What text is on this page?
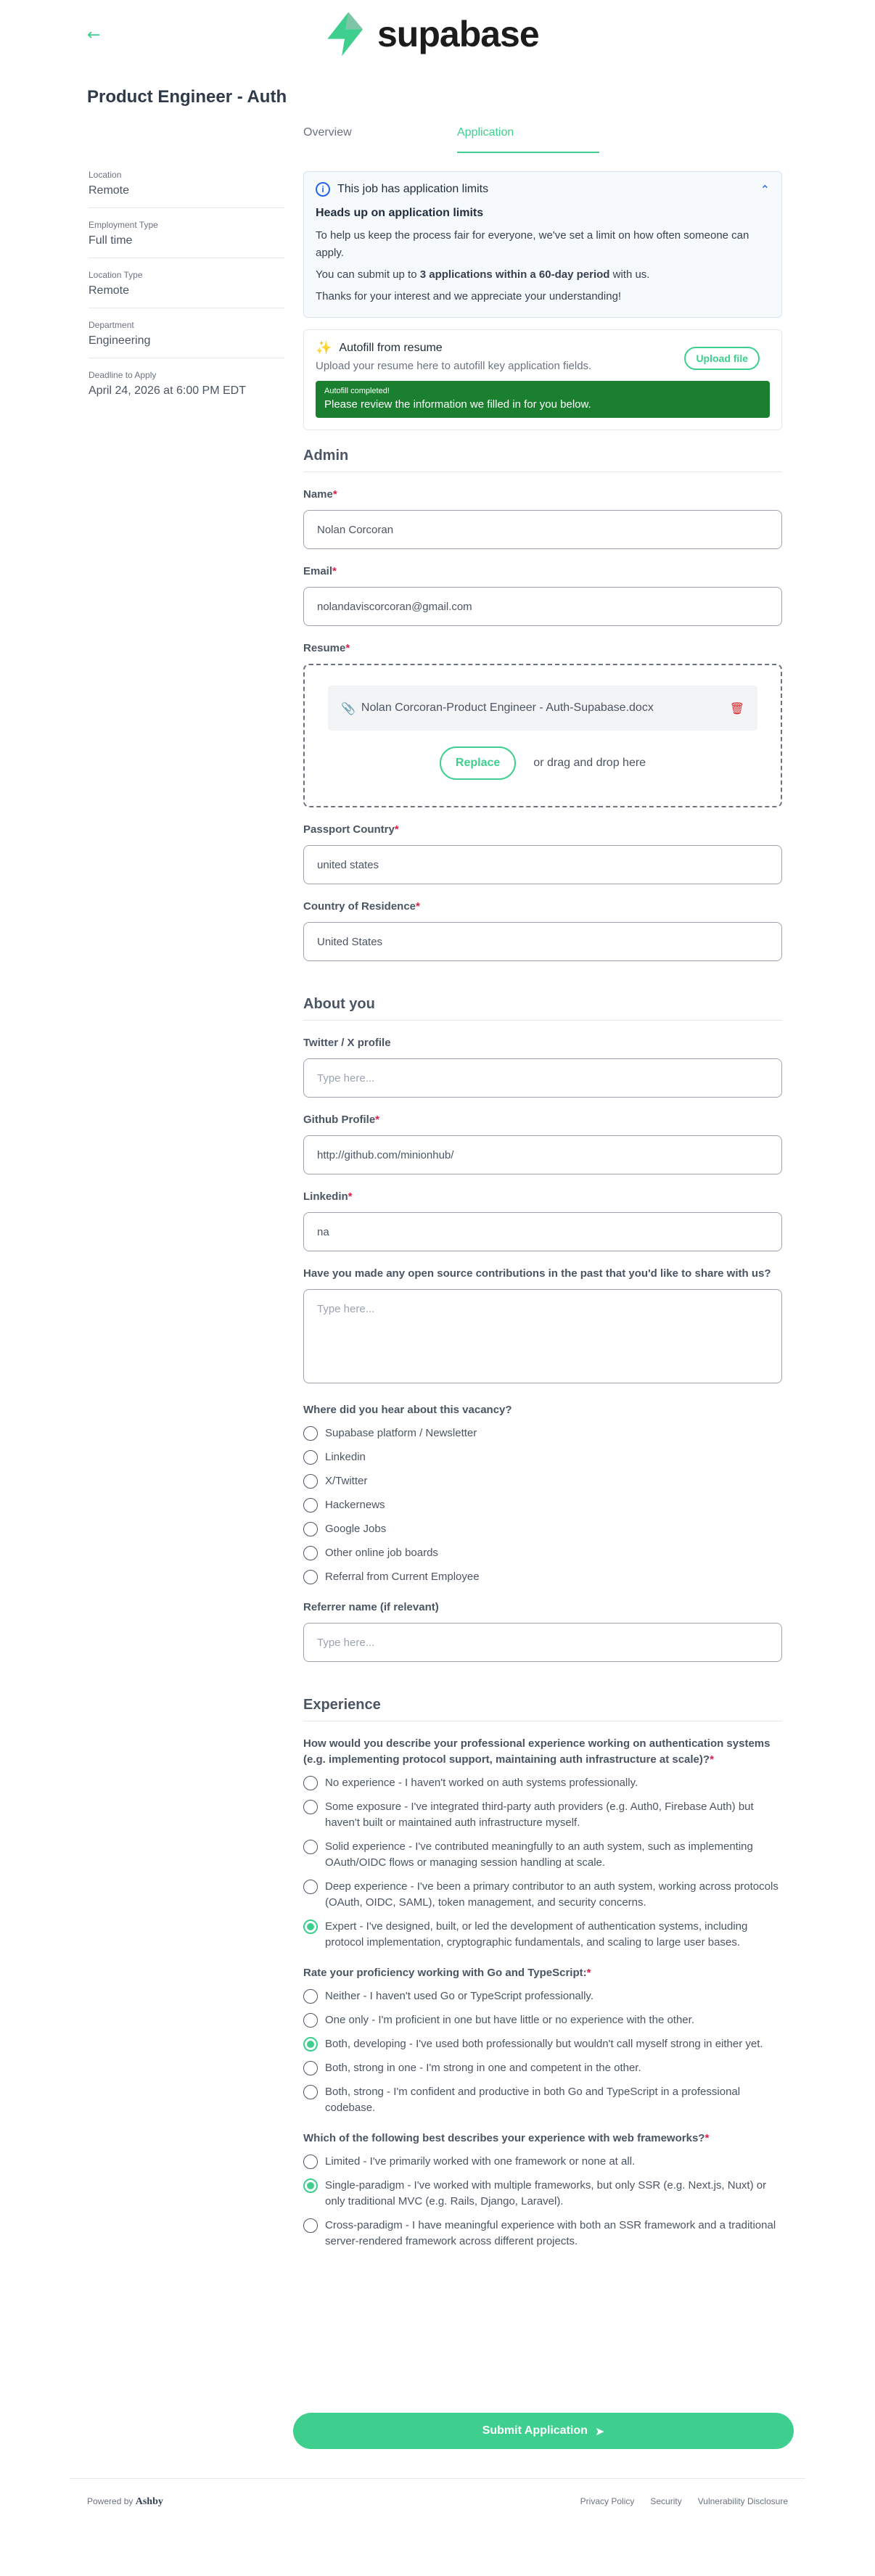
←	supabase
Product Engineer - Auth
Location
Remote
Employment Type
Full time
Location Type
Remote
Department
Engineering
Deadline to Apply
April 24, 2026 at 6:00 PM EDT
Overview	Application
i	This job has application limits	⌃
Heads up on application limits

To help us keep the process fair for everyone, we've set a limit on how often someone can apply.

You can submit up to 3 applications within a 60-day period with us.

Thanks for your interest and we appreciate your understanding!

✨ Autofill from resume
Upload your resume here to autofill key application fields.
Upload file
Autofill completed!
Please review the information we filled in for you below.
Admin
Name*
Nolan Corcoran
Email*
nolandaviscorcoran@gmail.com
Resume*
📎 Nolan Corcoran-Product Engineer - Auth-Supabase.docx	🗑
Replace	or drag and drop here
Passport Country*
united states
Country of Residence*
United States
About you
Twitter / X profile
Type here...
Github Profile*
http://github.com/minionhub/
Linkedin*
na
Have you made any open source contributions in the past that you'd like to share with us?
Type here...
Where did you hear about this vacancy?
Supabase platform / Newsletter
Linkedin
X/Twitter
Hackernews
Google Jobs
Other online job boards
Referral from Current Employee
Referrer name (if relevant)
Type here...
Experience
How would you describe your professional experience working on authentication systems (e.g. implementing protocol support, maintaining auth infrastructure at scale)?*
No experience - I haven't worked on auth systems professionally.
Some exposure - I've integrated third-party auth providers (e.g. Auth0, Firebase Auth) but haven't built or maintained auth infrastructure myself.
Solid experience - I've contributed meaningfully to an auth system, such as implementing OAuth/OIDC flows or managing session handling at scale.
Deep experience - I've been a primary contributor to an auth system, working across protocols (OAuth, OIDC, SAML), token management, and security concerns.
Expert - I've designed, built, or led the development of authentication systems, including protocol implementation, cryptographic fundamentals, and scaling to large user bases.
Rate your proficiency working with Go and TypeScript:*
Neither - I haven't used Go or TypeScript professionally.
One only - I'm proficient in one but have little or no experience with the other.
Both, developing - I've used both professionally but wouldn't call myself strong in either yet.
Both, strong in one - I'm strong in one and competent in the other.
Both, strong - I'm confident and productive in both Go and TypeScript in a professional codebase.
Which of the following best describes your experience with web frameworks?*
Limited - I've primarily worked with one framework or none at all.
Single-paradigm - I've worked with multiple frameworks, but only SSR (e.g. Next.js, Nuxt) or only traditional MVC (e.g. Rails, Django, Laravel).
Cross-paradigm - I have meaningful experience with both an SSR framework and a traditional server-rendered framework across different projects.
Submit Application ➤
Powered by Ashby	Privacy Policy Security Vulnerability Disclosure
